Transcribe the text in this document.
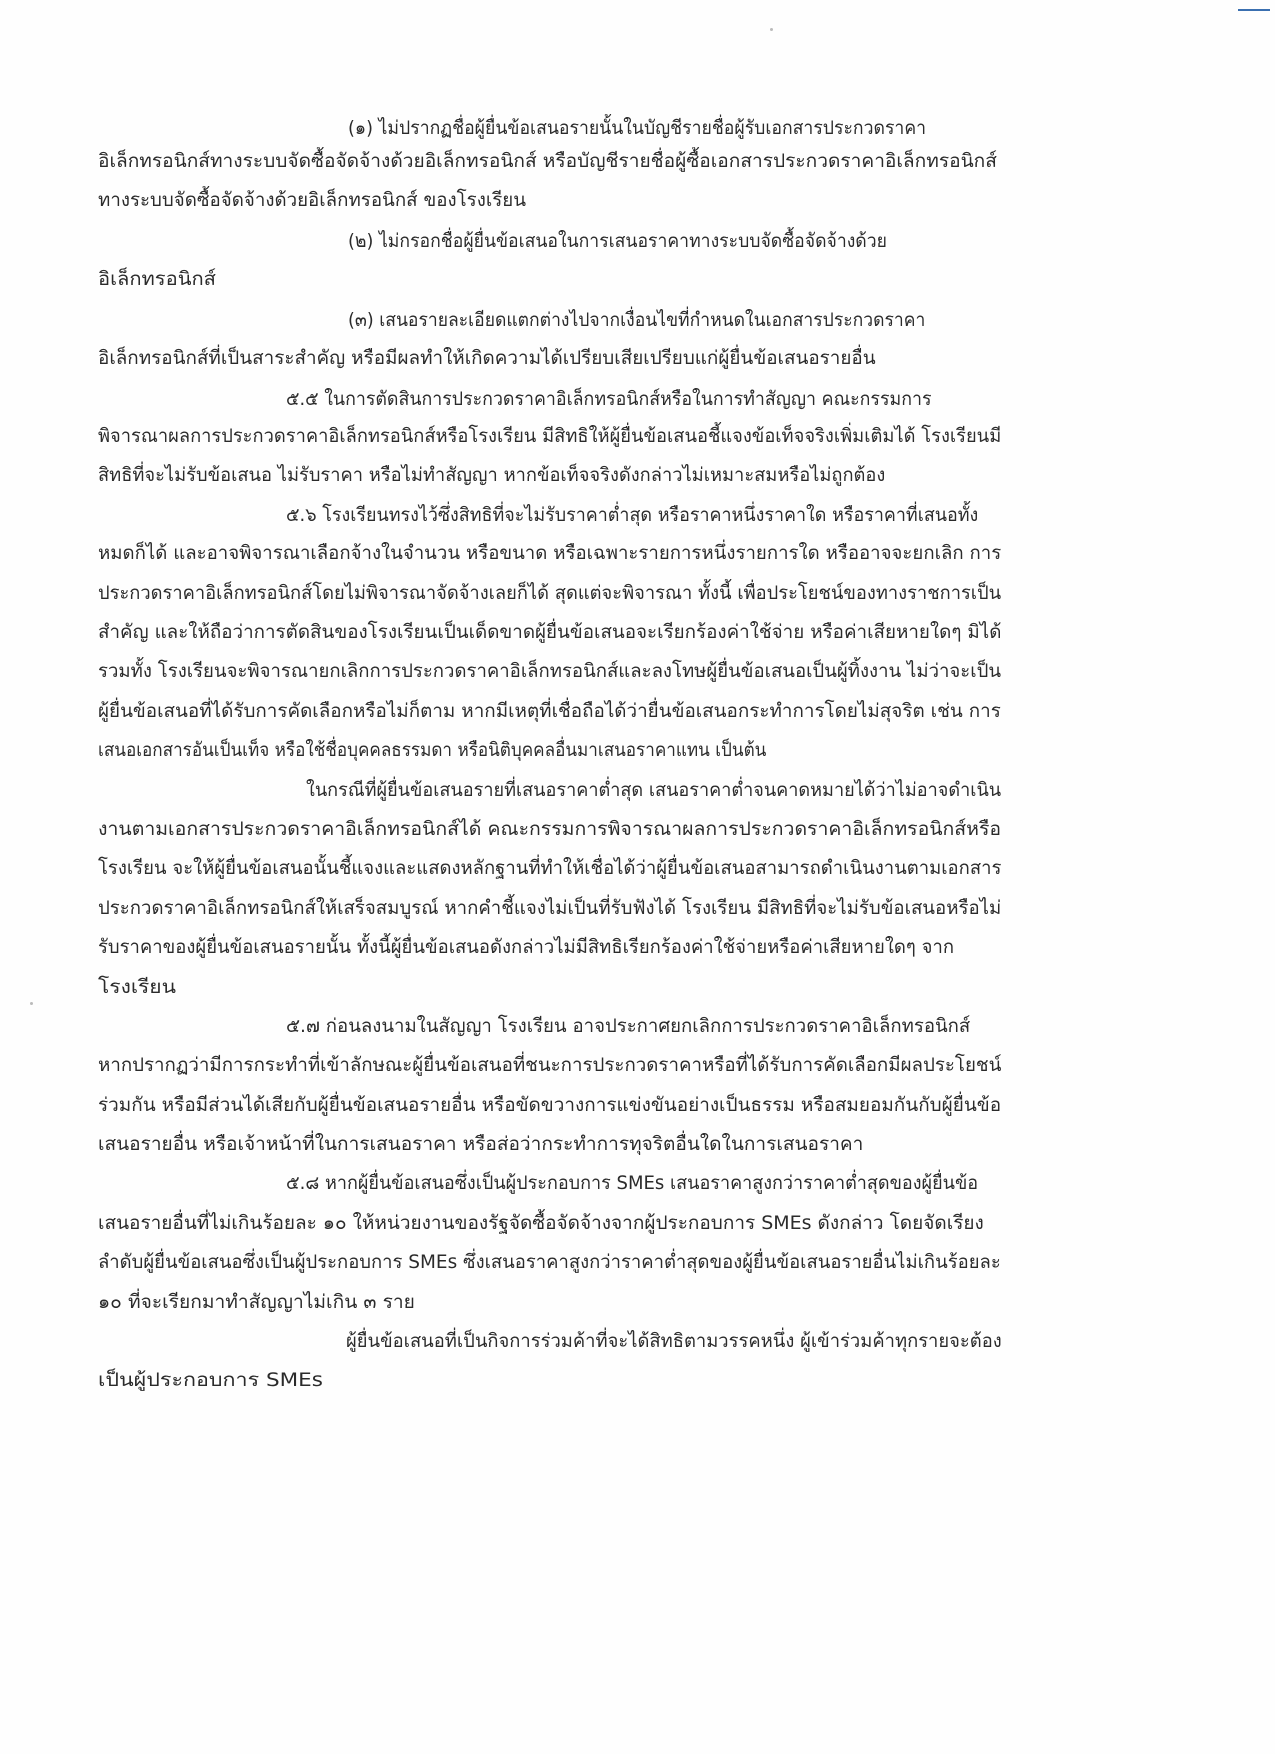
(๑) ไม่ปรากฏชื่อผู้ยื่นข้อเสนอรายนั้นในบัญชีรายชื่อผู้รับเอกสารประกวดราคา
อิเล็กทรอนิกส์ทางระบบจัดซื้อจัดจ้างด้วยอิเล็กทรอนิกส์ หรือบัญชีรายชื่อผู้ซื้อเอกสารประกวดราคาอิเล็กทรอนิกส์
ทางระบบจัดซื้อจัดจ้างด้วยอิเล็กทรอนิกส์ ของโรงเรียน
(๒) ไม่กรอกชื่อผู้ยื่นข้อเสนอในการเสนอราคาทางระบบจัดซื้อจัดจ้างด้วย
อิเล็กทรอนิกส์
(๓) เสนอรายละเอียดแตกต่างไปจากเงื่อนไขที่กำหนดในเอกสารประกวดราคา
อิเล็กทรอนิกส์ที่เป็นสาระสำคัญ หรือมีผลทำให้เกิดความได้เปรียบเสียเปรียบแก่ผู้ยื่นข้อเสนอรายอื่น
๕.๕ ในการตัดสินการประกวดราคาอิเล็กทรอนิกส์หรือในการทำสัญญา คณะกรรมการ
พิจารณาผลการประกวดราคาอิเล็กทรอนิกส์หรือโรงเรียน มีสิทธิให้ผู้ยื่นข้อเสนอชี้แจงข้อเท็จจริงเพิ่มเติมได้ โรงเรียนมี
สิทธิที่จะไม่รับข้อเสนอ ไม่รับราคา หรือไม่ทำสัญญา หากข้อเท็จจริงดังกล่าวไม่เหมาะสมหรือไม่ถูกต้อง
๕.๖ โรงเรียนทรงไว้ซึ่งสิทธิที่จะไม่รับราคาต่ำสุด หรือราคาหนึ่งราคาใด หรือราคาที่เสนอทั้ง
หมดก็ได้ และอาจพิจารณาเลือกจ้างในจำนวน หรือขนาด หรือเฉพาะรายการหนึ่งรายการใด หรืออาจจะยกเลิก การ
ประกวดราคาอิเล็กทรอนิกส์โดยไม่พิจารณาจัดจ้างเลยก็ได้ สุดแต่จะพิจารณา ทั้งนี้ เพื่อประโยชน์ของทางราชการเป็น
สำคัญ และให้ถือว่าการตัดสินของโรงเรียนเป็นเด็ดขาดผู้ยื่นข้อเสนอจะเรียกร้องค่าใช้จ่าย หรือค่าเสียหายใดๆ มิได้
รวมทั้ง โรงเรียนจะพิจารณายกเลิกการประกวดราคาอิเล็กทรอนิกส์และลงโทษผู้ยื่นข้อเสนอเป็นผู้ทิ้งงาน ไม่ว่าจะเป็น
ผู้ยื่นข้อเสนอที่ได้รับการคัดเลือกหรือไม่ก็ตาม หากมีเหตุที่เชื่อถือได้ว่ายื่นข้อเสนอกระทำการโดยไม่สุจริต เช่น การ
เสนอเอกสารอันเป็นเท็จ หรือใช้ชื่อบุคคลธรรมดา หรือนิติบุคคลอื่นมาเสนอราคาแทน เป็นต้น
ในกรณีที่ผู้ยื่นข้อเสนอรายที่เสนอราคาต่ำสุด เสนอราคาต่ำจนคาดหมายได้ว่าไม่อาจดำเนิน
งานตามเอกสารประกวดราคาอิเล็กทรอนิกส์ได้ คณะกรรมการพิจารณาผลการประกวดราคาอิเล็กทรอนิกส์หรือ
โรงเรียน จะให้ผู้ยื่นข้อเสนอนั้นชี้แจงและแสดงหลักฐานที่ทำให้เชื่อได้ว่าผู้ยื่นข้อเสนอสามารถดำเนินงานตามเอกสาร
ประกวดราคาอิเล็กทรอนิกส์ให้เสร็จสมบูรณ์ หากคำชี้แจงไม่เป็นที่รับฟังได้ โรงเรียน มีสิทธิที่จะไม่รับข้อเสนอหรือไม่
รับราคาของผู้ยื่นข้อเสนอรายนั้น ทั้งนี้ผู้ยื่นข้อเสนอดังกล่าวไม่มีสิทธิเรียกร้องค่าใช้จ่ายหรือค่าเสียหายใดๆ จาก
โรงเรียน
๕.๗ ก่อนลงนามในสัญญา โรงเรียน อาจประกาศยกเลิกการประกวดราคาอิเล็กทรอนิกส์
หากปรากฏว่ามีการกระทำที่เข้าลักษณะผู้ยื่นข้อเสนอที่ชนะการประกวดราคาหรือที่ได้รับการคัดเลือกมีผลประโยชน์
ร่วมกัน หรือมีส่วนได้เสียกับผู้ยื่นข้อเสนอรายอื่น หรือขัดขวางการแข่งขันอย่างเป็นธรรม หรือสมยอมกันกับผู้ยื่นข้อ
เสนอรายอื่น หรือเจ้าหน้าที่ในการเสนอราคา หรือส่อว่ากระทำการทุจริตอื่นใดในการเสนอราคา
๕.๘ หากผู้ยื่นข้อเสนอซึ่งเป็นผู้ประกอบการ SMEs เสนอราคาสูงกว่าราคาต่ำสุดของผู้ยื่นข้อ
เสนอรายอื่นที่ไม่เกินร้อยละ ๑๐ ให้หน่วยงานของรัฐจัดซื้อจัดจ้างจากผู้ประกอบการ SMEs ดังกล่าว โดยจัดเรียง
ลำดับผู้ยื่นข้อเสนอซึ่งเป็นผู้ประกอบการ SMEs ซึ่งเสนอราคาสูงกว่าราคาต่ำสุดของผู้ยื่นข้อเสนอรายอื่นไม่เกินร้อยละ
๑๐ ที่จะเรียกมาทำสัญญาไม่เกิน ๓ ราย
ผู้ยื่นข้อเสนอที่เป็นกิจการร่วมค้าที่จะได้สิทธิตามวรรคหนึ่ง ผู้เข้าร่วมค้าทุกรายจะต้อง
เป็นผู้ประกอบการ SMEs
